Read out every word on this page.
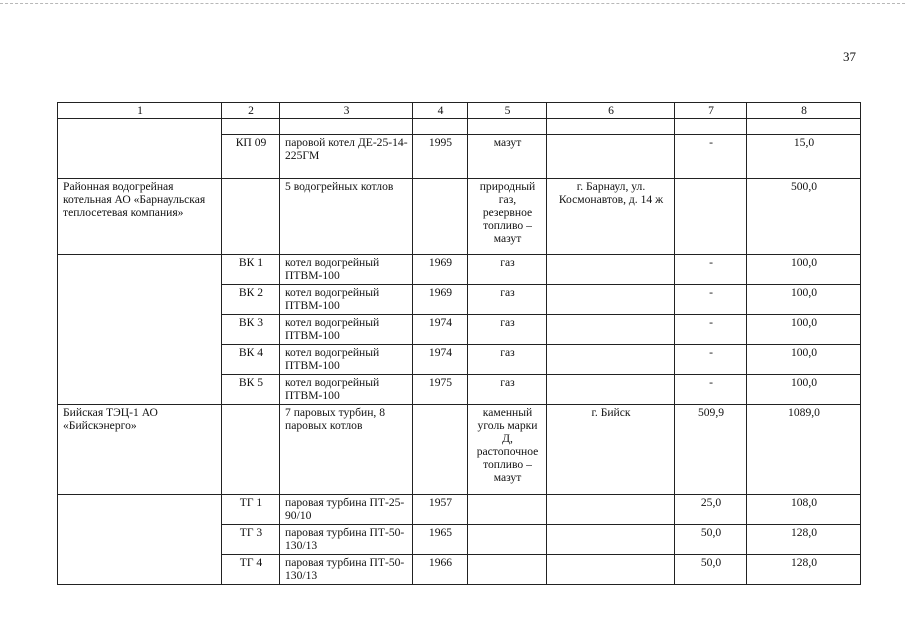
37
1	2	3	4	5	6	7	8

	КП 09	паровой котел ДЕ-25-14-225ГМ	1995	мазут		-	15,0
Районная водогрейная котельная АО «Барнаульская теплосетевая компания»		5 водогрейных котлов		природный газ, резервное топливо – мазут	г. Барнаул, ул. Космонавтов, д. 14 ж		500,0
	ВК 1	котел водогрейный ПТВМ-100	1969	газ		-	100,0
	ВК 2	котел водогрейный ПТВМ-100	1969	газ		-	100,0
	ВК 3	котел водогрейный ПТВМ-100	1974	газ		-	100,0
	ВК 4	котел водогрейный ПТВМ-100	1974	газ		-	100,0
	ВК 5	котел водогрейный ПТВМ-100	1975	газ		-	100,0
Бийская ТЭЦ-1 АО «Бийскэнерго»		7 паровых турбин, 8 паровых котлов		каменный уголь марки Д, растопочное топливо – мазут	г. Бийск	509,9	1089,0
	ТГ 1	паровая турбина ПТ-25-90/10	1957			25,0	108,0
	ТГ 3	паровая турбина ПТ-50-130/13	1965			50,0	128,0
	ТГ 4	паровая турбина ПТ-50-130/13	1966			50,0	128,0
